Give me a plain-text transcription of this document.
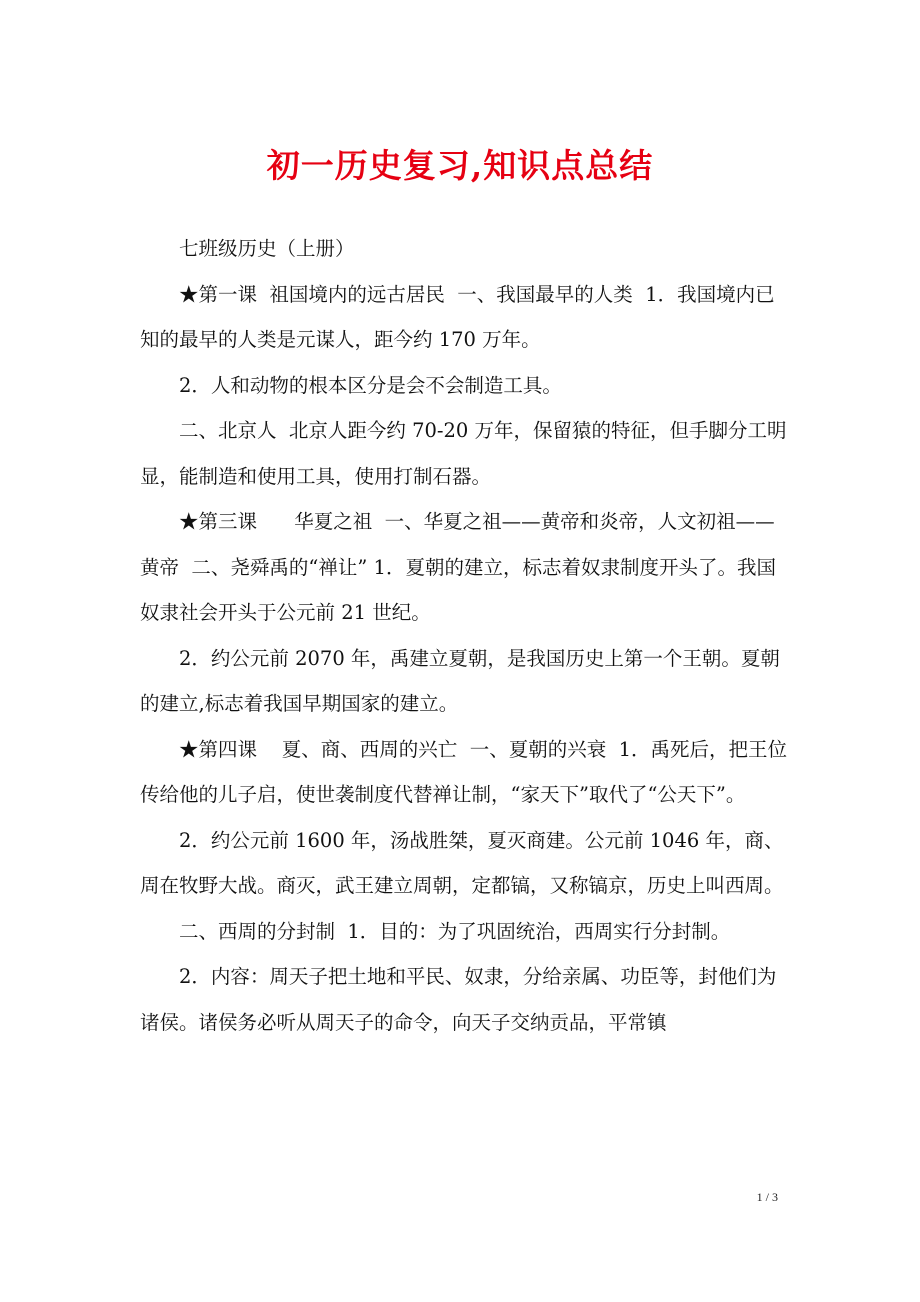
初一历史复习,知识点总结

七班级历史（上册）

★第一课  祖国境内的远古居民  一、我国最早的人类  1．我国境内已知的最早的人类是元谋人，距今约 170 万年。

2．人和动物的根本区分是会不会制造工具。

二、北京人  北京人距今约 70-20 万年，保留猿的特征，但手脚分工明显，能制造和使用工具，使用打制石器。

★第三课      华夏之祖  一、华夏之祖——黄帝和炎帝，人文初祖——黄帝  二、尧舜禹的“禅让” 1．夏朝的建立，标志着奴隶制度开头了。我国奴隶社会开头于公元前 21 世纪。

2．约公元前 2070 年，禹建立夏朝，是我国历史上第一个王朝。夏朝的建立,标志着我国早期国家的建立。

★第四课    夏、商、西周的兴亡  一、夏朝的兴衰  1．禹死后，把王位传给他的儿子启，使世袭制度代替禅让制，“家天下”取代了“公天下”。

2．约公元前 1600 年，汤战胜桀，夏灭商建。公元前 1046 年，商、周在牧野大战。商灭，武王建立周朝，定都镐，又称镐京，历史上叫西周。

二、西周的分封制  1．目的：为了巩固统治，西周实行分封制。

2．内容：周天子把土地和平民、奴隶，分给亲属、功臣等，封他们为诸侯。诸侯务必听从周天子的命令，向天子交纳贡品，平常镇

1 / 3
